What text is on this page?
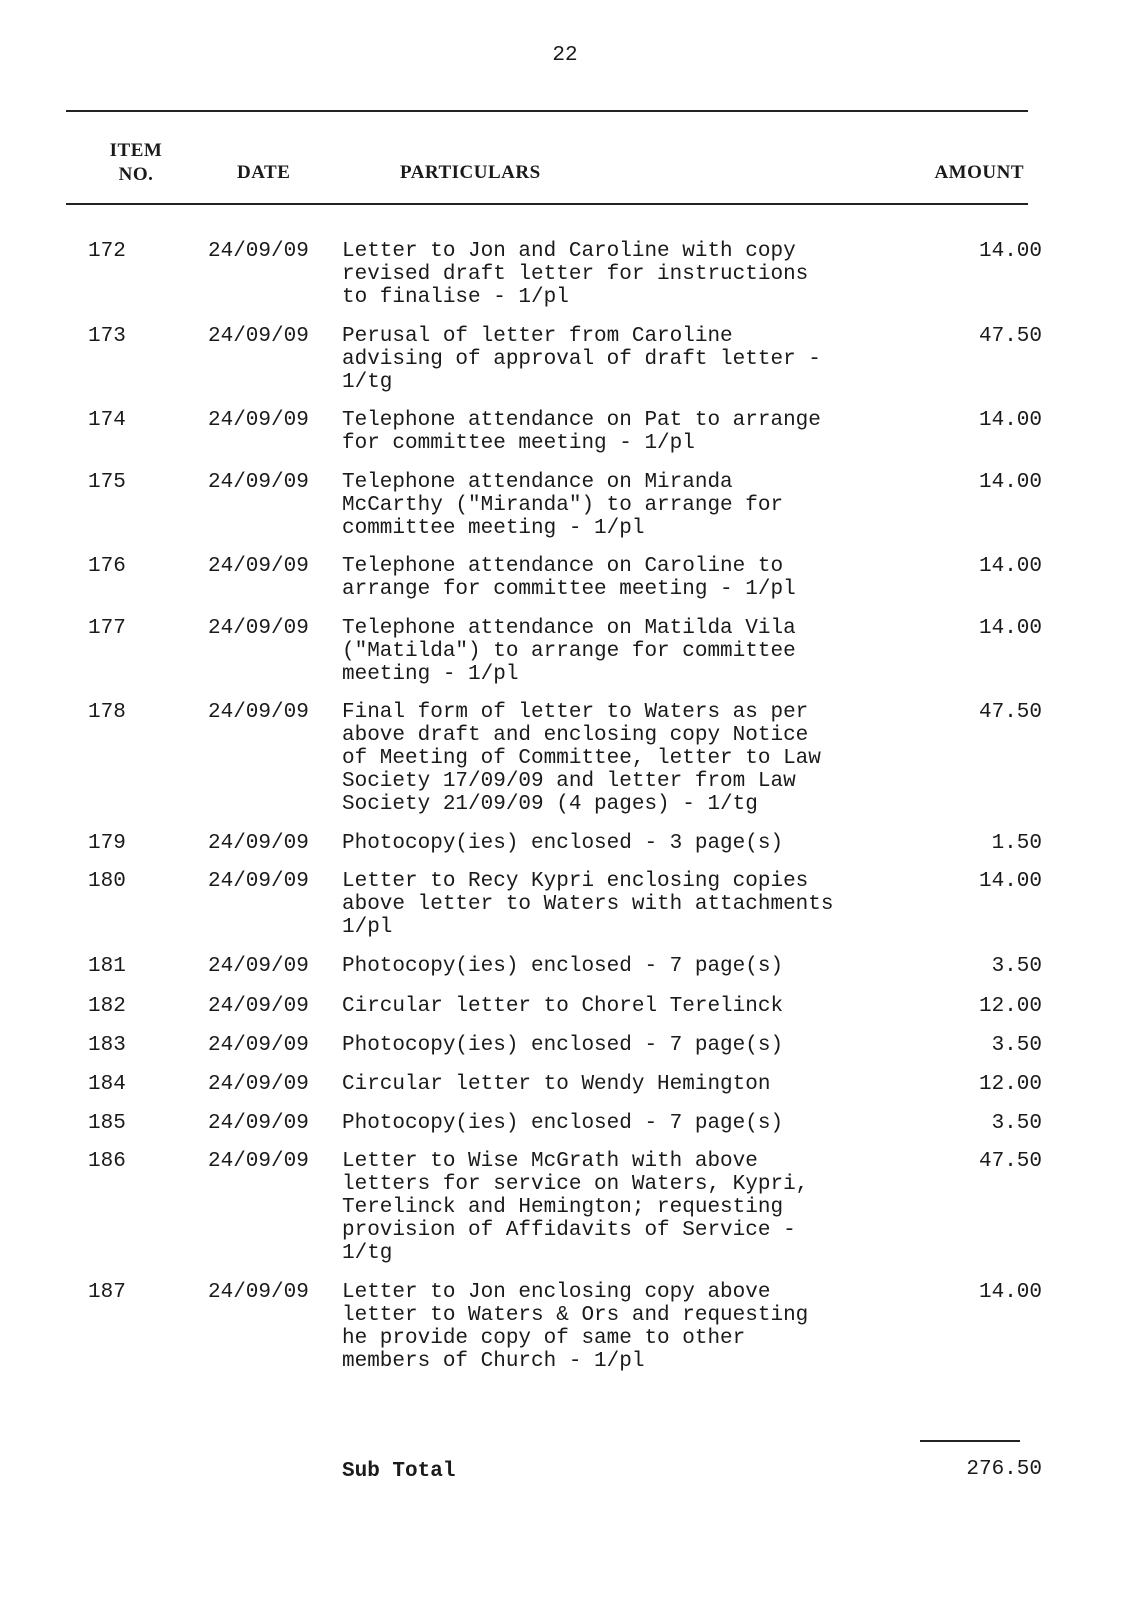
22
ITEM
NO.	DATE	PARTICULARS	AMOUNT
172	24/09/09	Letter to Jon and Caroline with copy
revised draft letter for instructions
to finalise - 1/pl
14.00
173	24/09/09	Perusal of letter from Caroline
advising of approval of draft letter -
1/tg
47.50
174	24/09/09	Telephone attendance on Pat to arrange
for committee meeting - 1/pl
14.00
175	24/09/09	Telephone attendance on Miranda
McCarthy ("Miranda") to arrange for
committee meeting - 1/pl
14.00
176	24/09/09	Telephone attendance on Caroline to
arrange for committee meeting - 1/pl
14.00
177	24/09/09	Telephone attendance on Matilda Vila
("Matilda") to arrange for committee
meeting - 1/pl
14.00
178	24/09/09	Final form of letter to Waters as per
above draft and enclosing copy Notice
of Meeting of Committee, letter to Law
Society 17/09/09 and letter from Law
Society 21/09/09 (4 pages) - 1/tg
47.50
179	24/09/09	Photocopy(ies) enclosed - 3 page(s)	1.50
180	24/09/09	Letter to Recy Kypri enclosing copies
above letter to Waters with attachments
1/pl
14.00
181	24/09/09	Photocopy(ies) enclosed - 7 page(s)	3.50
182	24/09/09	Circular letter to Chorel Terelinck	12.00
183	24/09/09	Photocopy(ies) enclosed - 7 page(s)	3.50
184	24/09/09	Circular letter to Wendy Hemington	12.00
185	24/09/09	Photocopy(ies) enclosed - 7 page(s)	3.50
186	24/09/09	Letter to Wise McGrath with above
letters for service on Waters, Kypri,
Terelinck and Hemington; requesting
provision of Affidavits of Service -
1/tg
47.50
187	24/09/09	Letter to Jon enclosing copy above
letter to Waters & Ors and requesting
he provide copy of same to other
members of Church - 1/pl
14.00
Sub Total	276.50
